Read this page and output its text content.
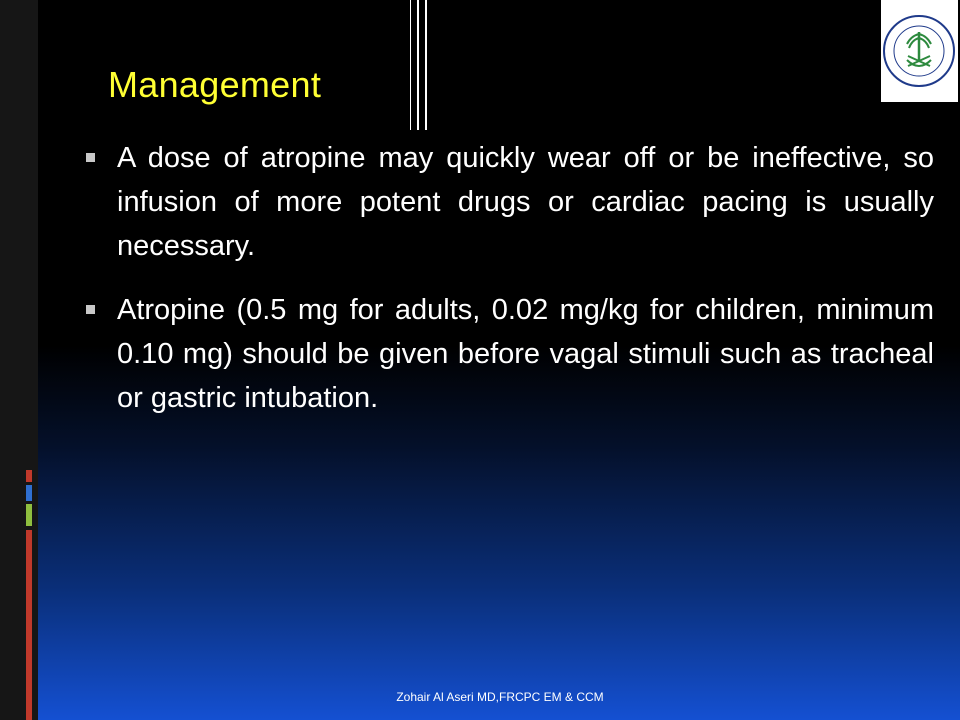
Management
A dose of atropine may quickly wear off or be ineffective, so infusion of more potent drugs or cardiac pacing is usually necessary.
Atropine (0.5 mg for adults, 0.02 mg/kg for children, minimum 0.10 mg) should be given before vagal stimuli such as tracheal or gastric intubation.
Zohair Al Aseri MD,FRCPC EM & CCM
